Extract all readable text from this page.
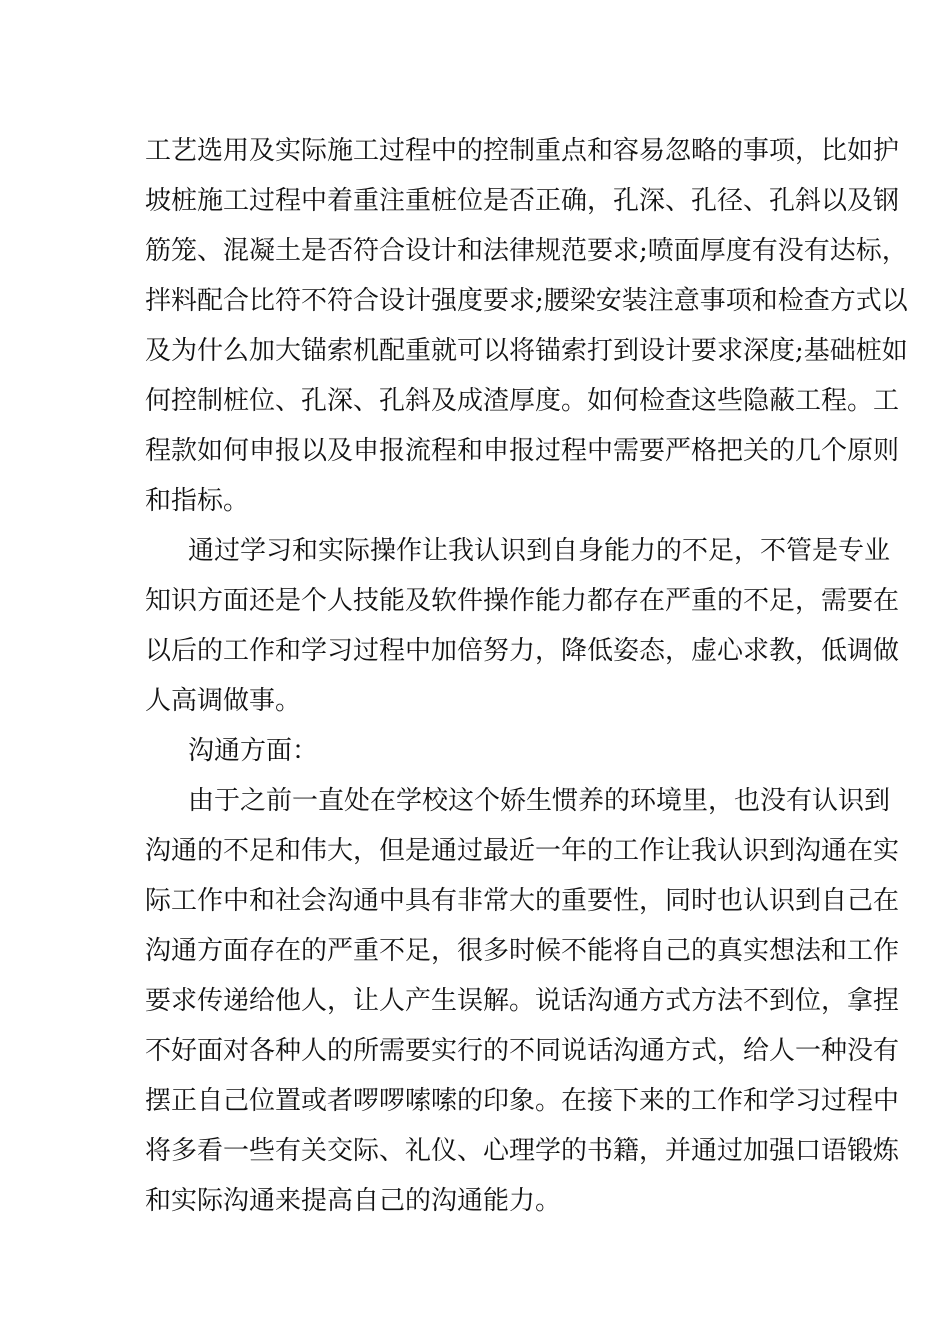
工艺选用及实际施工过程中的控制重点和容易忽略的事项，比如护
坡桩施工过程中着重注重桩位是否正确，孔深、孔径、孔斜以及钢
筋笼、混凝土是否符合设计和法律规范要求;喷面厚度有没有达标，
拌料配合比符不符合设计强度要求;腰梁安装注意事项和检查方式以
及为什么加大锚索机配重就可以将锚索打到设计要求深度;基础桩如
何控制桩位、孔深、孔斜及成渣厚度。如何检查这些隐蔽工程。工
程款如何申报以及申报流程和申报过程中需要严格把关的几个原则
和指标。
通过学习和实际操作让我认识到自身能力的不足，不管是专业
知识方面还是个人技能及软件操作能力都存在严重的不足，需要在
以后的工作和学习过程中加倍努力，降低姿态，虚心求教，低调做
人高调做事。
沟通方面：
由于之前一直处在学校这个娇生惯养的环境里，也没有认识到
沟通的不足和伟大，但是通过最近一年的工作让我认识到沟通在实
际工作中和社会沟通中具有非常大的重要性，同时也认识到自己在
沟通方面存在的严重不足，很多时候不能将自己的真实想法和工作
要求传递给他人，让人产生误解。说话沟通方式方法不到位，拿捏
不好面对各种人的所需要实行的不同说话沟通方式，给人一种没有
摆正自己位置或者啰啰嗦嗦的印象。在接下来的工作和学习过程中
将多看一些有关交际、礼仪、心理学的书籍，并通过加强口语锻炼
和实际沟通来提高自己的沟通能力。
